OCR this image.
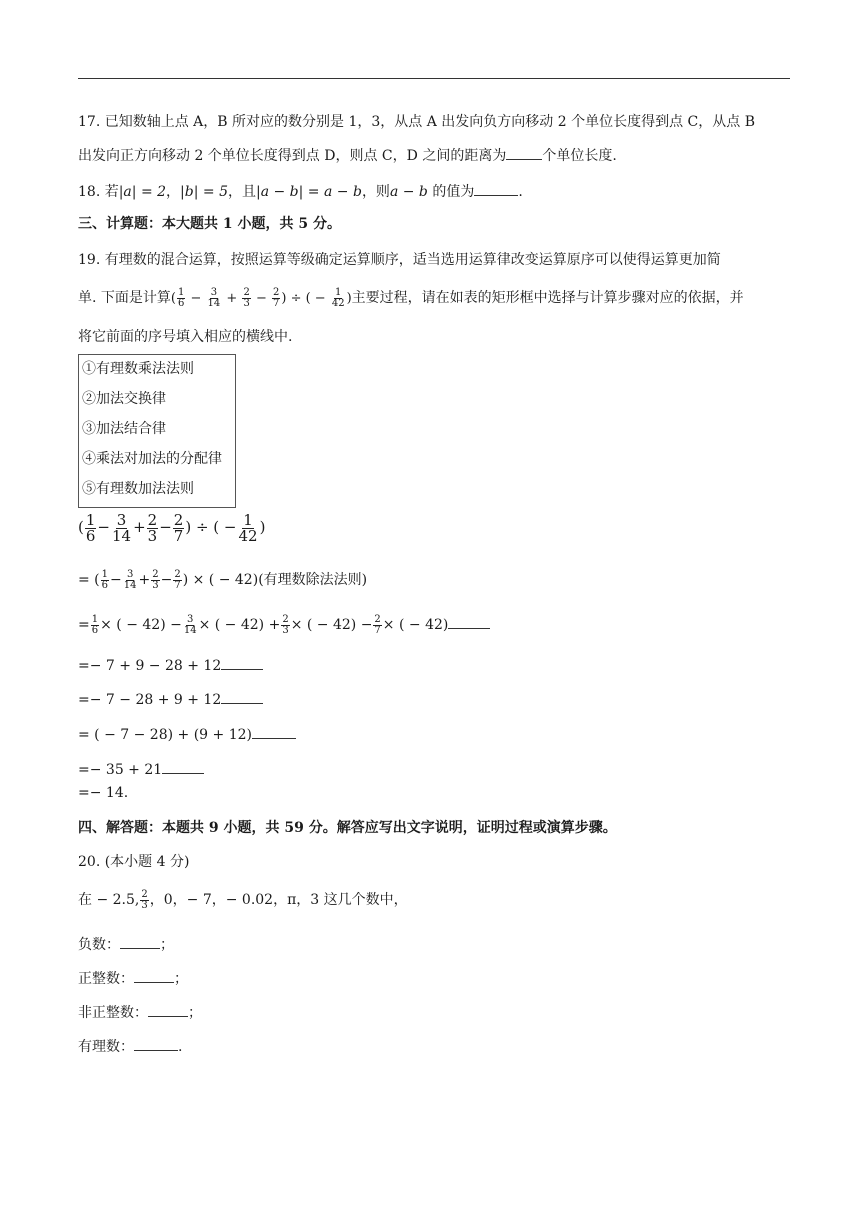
17. 已知数轴上点 A，B 所对应的数分别是 1，3，从点 A 出发向负方向移动 2 个单位长度得到点 C，从点 B
出发向正方向移动 2 个单位长度得到点 D，则点 C，D 之间的距离为	个单位长度.
18. 若|a| = 2，|b| = 5，且|a − b| = a − b，则a − b 的值为	.
三、计算题：本大题共 1 小题，共 5 分。
19. 有理数的混合运算，按照运算等级确定运算顺序，适当选用运算律改变运算原序可以使得运算更加简
单. 下面是计算( $\frac{1}{6} - \frac{3}{14} + \frac{2}{3} - \frac{2}{7}$ ) ÷ ( − $\frac{1}{42}$ )主要过程，请在如表的矩形框中选择与计算步骤对应的依据，并
将它前面的序号填入相应的横线中.
①有理数乘法法则
②加法交换律
③加法结合律
④乘法对加法的分配律
⑤有理数加法法则
( $\frac{1}{6} - \frac{3}{14} + \frac{2}{3} - \frac{2}{7}$ ) ÷ ( − $\frac{1}{42}$ )
= ( $\frac{1}{6} - \frac{3}{14} + \frac{2}{3} - \frac{2}{7}$ ) × ( − 42)(有理数除法法则)
= $\frac{1}{6}$ × ( − $42) - \frac{3}{14}$ × ( − $42) + \frac{2}{3}$ × ( − $42) - \frac{2}{7}$ × ( − 42)
=− 7 + 9 − 28 + 12
=− 7 − 28 + 9 + 12
= ( − 7 − 28) + (9 + 12)
=− 35 + 21
=− 14.
四、解答题：本题共 9 小题，共 59 分。解答应写出文字说明，证明过程或演算步骤。
20. (本小题 4 分)
在 − 2.5, $\frac{2}{3}$ ，0，− 7，− 0.02，π，3 这几个数中，
负数：	；
正整数：	；
非正整数：	；
有理数：	.
